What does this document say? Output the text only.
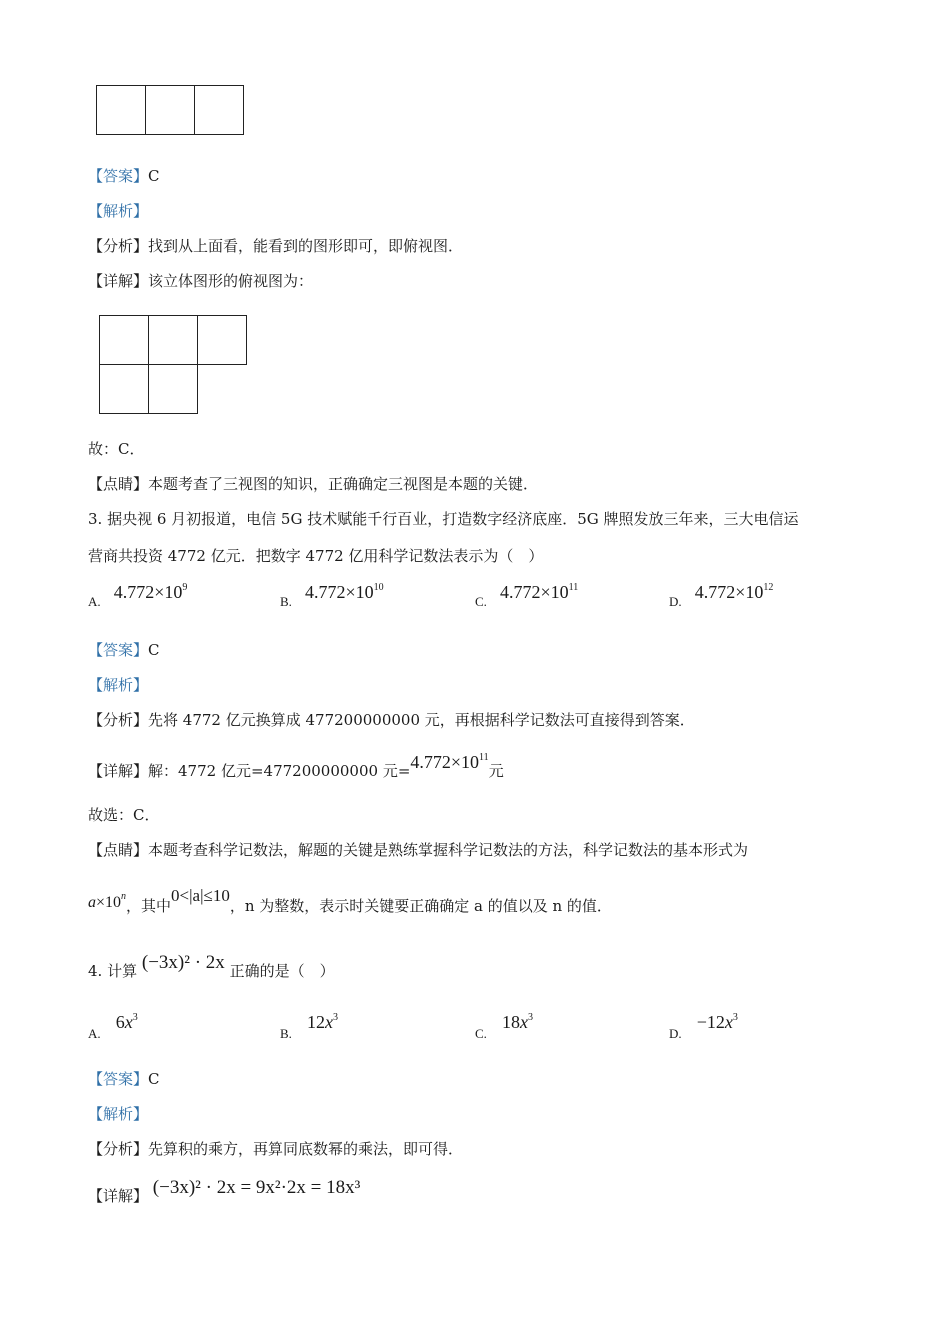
【答案】C
【解析】
【分析】找到从上面看，能看到的图形即可，即俯视图．
【详解】该立体图形的俯视图为：
故：C．
【点睛】本题考查了三视图的知识，正确确定三视图是本题的关键．
3. 据央视 6 月初报道，电信 5G 技术赋能千行百业，打造数字经济底座．5G 牌照发放三年来，三大电信运
营商共投资 4772 亿元．把数字 4772 亿用科学记数法表示为（　）
$_{A.}$ $4.772\times 10^9$
$_{B.}$ $4.772\times 10^{10}$
$_{C.}$ $4.772\times 10^{11}$
$_{D.}$ $4.772\times 10^{12}$
【答案】C
【解析】
【分析】先将 4772 亿元换算成 477200000000 元，再根据科学记数法可直接得到答案．
【详解】解：4772 亿元=477200000000 元$=4.772\times 10^{11}$元
故选：C．
【点睛】本题考查科学记数法，解题的关键是熟练掌握科学记数法的方法，科学记数法的基本形式为
$a\times 10^n$，其中0<|a|≤10，n 为整数，表示时关键要正确确定 a 的值以及 n 的值．
4. 计算 (−3x)² · 2x 正确的是（　）
$_{A.}$ $6x^3$
$_{B.}$ $12x^3$
$_{C.}$ $18x^3$
$_{D.} -12x^3$
【答案】C
【解析】
【分析】先算积的乘方，再算同底数幂的乘法，即可得．
【详解】 (−3x)² · 2x = 9x²·2x = 18x³
